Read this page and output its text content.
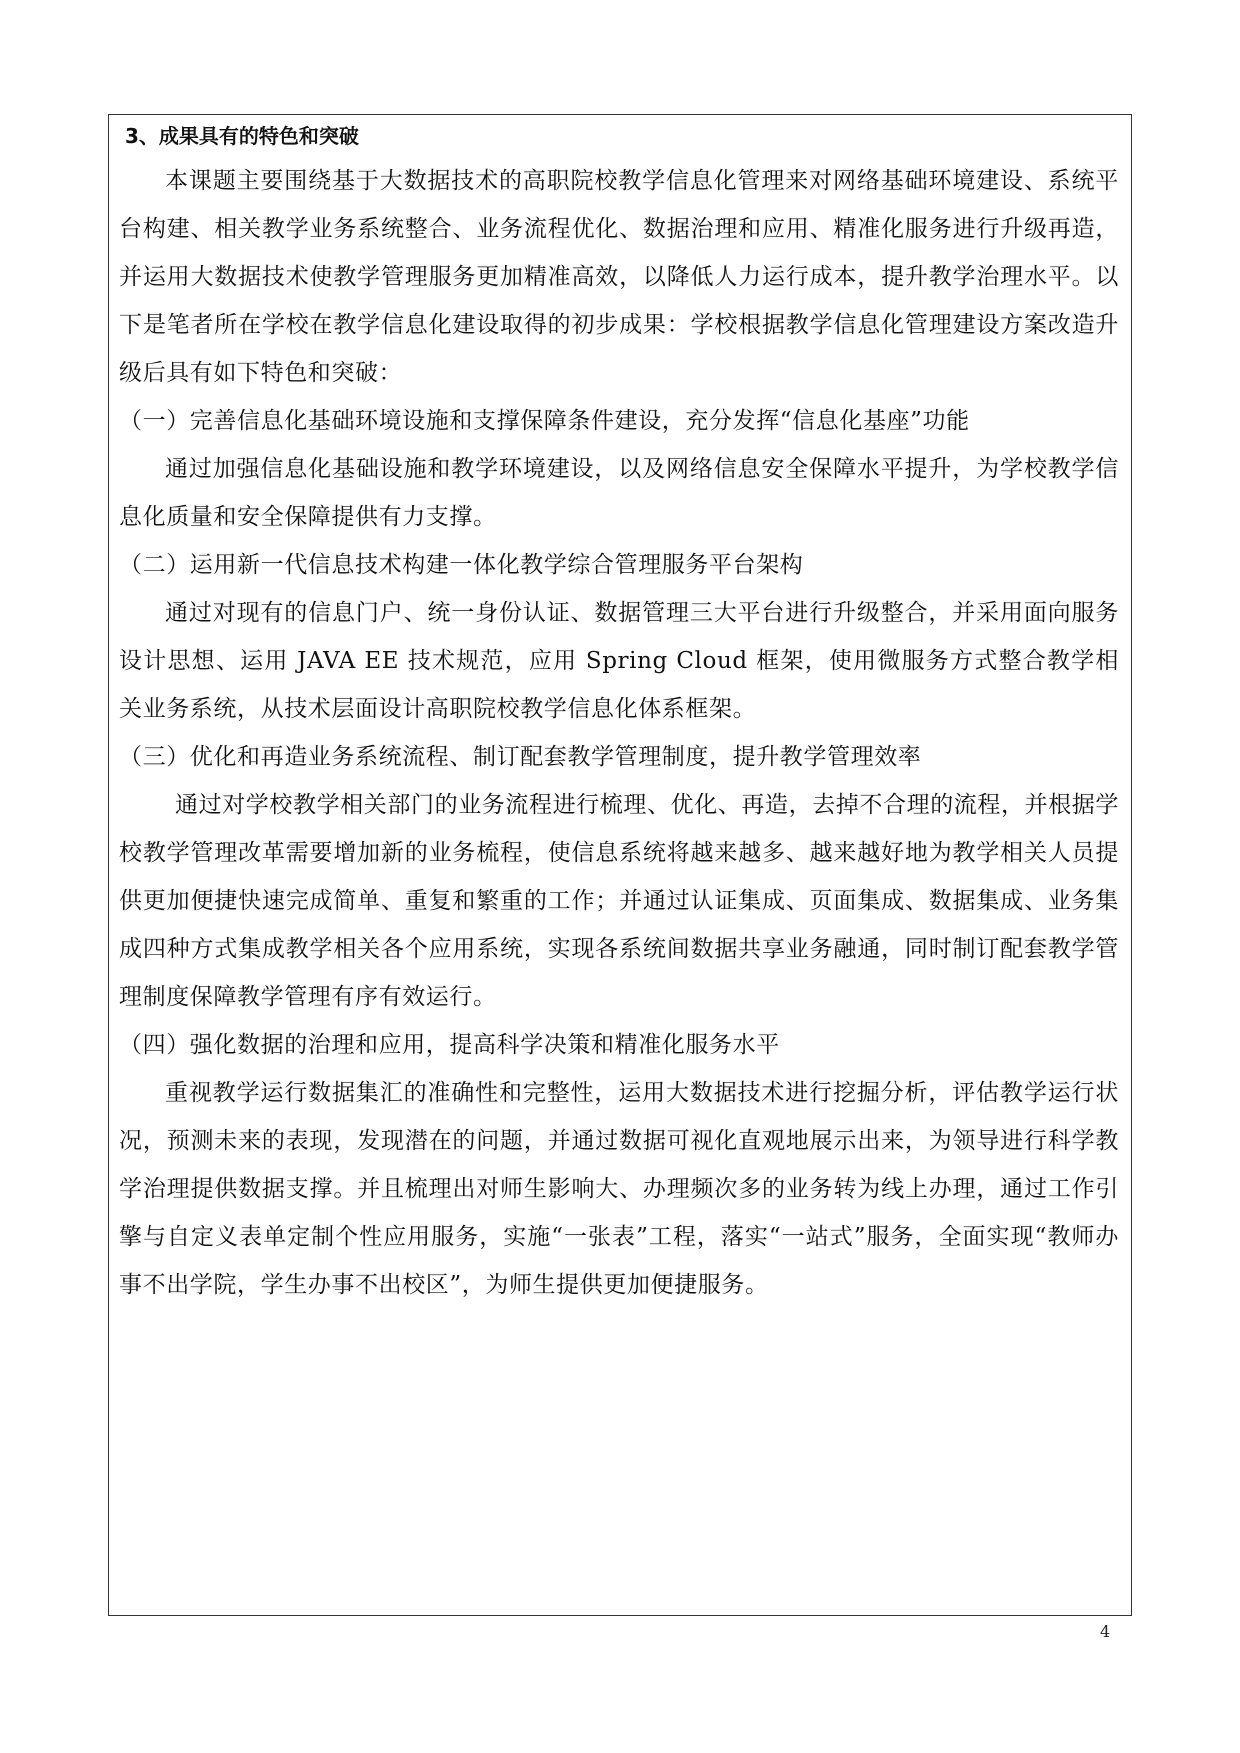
3、成果具有的特色和突破

本课题主要围绕基于大数据技术的高职院校教学信息化管理来对网络基础环境建设、系统平台构建、相关教学业务系统整合、业务流程优化、数据治理和应用、精准化服务进行升级再造，并运用大数据技术使教学管理服务更加精准高效，以降低人力运行成本，提升教学治理水平。以下是笔者所在学校在教学信息化建设取得的初步成果：学校根据教学信息化管理建设方案改造升级后具有如下特色和突破：

（一）完善信息化基础环境设施和支撑保障条件建设，充分发挥“信息化基座”功能

通过加强信息化基础设施和教学环境建设，以及网络信息安全保障水平提升，为学校教学信息化质量和安全保障提供有力支撑。

（二）运用新一代信息技术构建一体化教学综合管理服务平台架构

通过对现有的信息门户、统一身份认证、数据管理三大平台进行升级整合，并采用面向服务设计思想、运用 JAVA EE 技术规范，应用 Spring Cloud 框架，使用微服务方式整合教学相关业务系统，从技术层面设计高职院校教学信息化体系框架。

（三）优化和再造业务系统流程、制订配套教学管理制度，提升教学管理效率

通过对学校教学相关部门的业务流程进行梳理、优化、再造，去掉不合理的流程，并根据学校教学管理改革需要增加新的业务梳程，使信息系统将越来越多、越来越好地为教学相关人员提供更加便捷快速完成简单、重复和繁重的工作；并通过认证集成、页面集成、数据集成、业务集成四种方式集成教学相关各个应用系统，实现各系统间数据共享业务融通，同时制订配套教学管理制度保障教学管理有序有效运行。

（四）强化数据的治理和应用，提高科学决策和精准化服务水平

重视教学运行数据集汇的准确性和完整性，运用大数据技术进行挖掘分析，评估教学运行状况，预测未来的表现，发现潜在的问题，并通过数据可视化直观地展示出来，为领导进行科学教学治理提供数据支撑。并且梳理出对师生影响大、办理频次多的业务转为线上办理，通过工作引擎与自定义表单定制个性应用服务，实施“一张表”工程，落实“一站式”服务，全面实现“教师办事不出学院，学生办事不出校区”，为师生提供更加便捷服务。

4
